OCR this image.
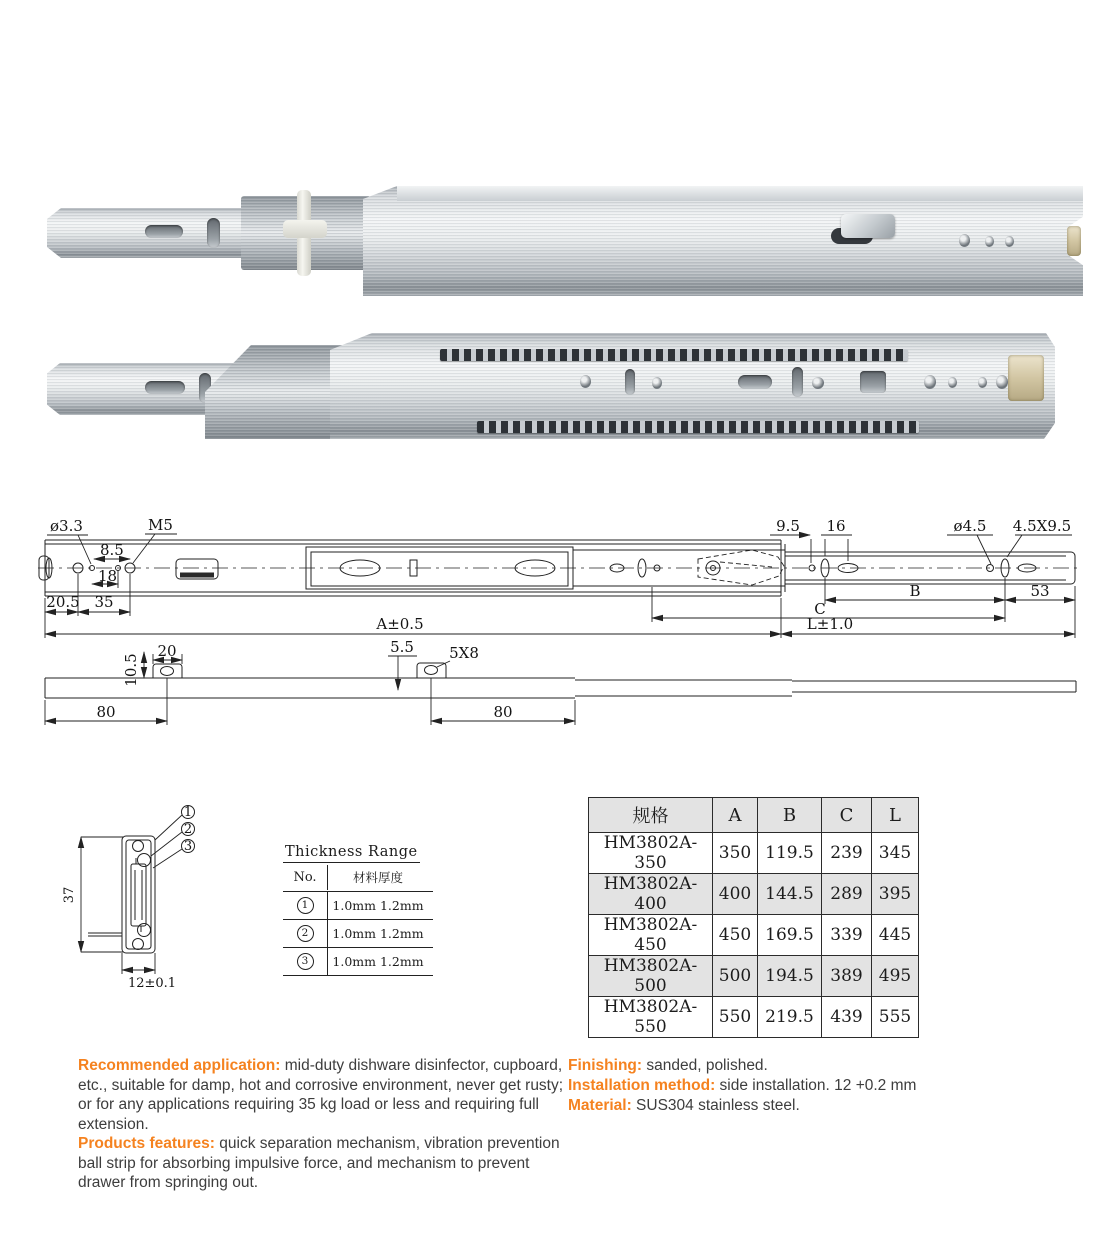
ø3.3	M5
8.5
18
20.5 35
A±0.5	L±1.0
9.5 16	ø4.5 4.5X9.5
B	53
C
20
10.5
80
5.5 5X8
80
37
1
2
3
12±0.1
Thickness Range
No.	材料厚度
1	1.0mm 1.2mm
2	1.0mm 1.2mm
3	1.0mm 1.2mm
规格	A	B	C	L
HM3802A-350	350	119.5	239	345
HM3802A-400	400	144.5	289	395
HM3802A-450	450	169.5	339	445
HM3802A-500	500	194.5	389	495
HM3802A-550	550	219.5	439	555
Recommended application: mid-duty dishware disinfector, cupboard, etc., suitable for damp, hot and corrosive environment, never get rusty; or for any applications requiring 35 kg load or less and requiring full extension.
Products features: quick separation mechanism, vibration prevention ball strip for absorbing impulsive force, and mechanism to prevent drawer from springing out.
Finishing: sanded, polished.
Installation method: side installation. 12 +0.2 mm
Material: SUS304 stainless steel.
